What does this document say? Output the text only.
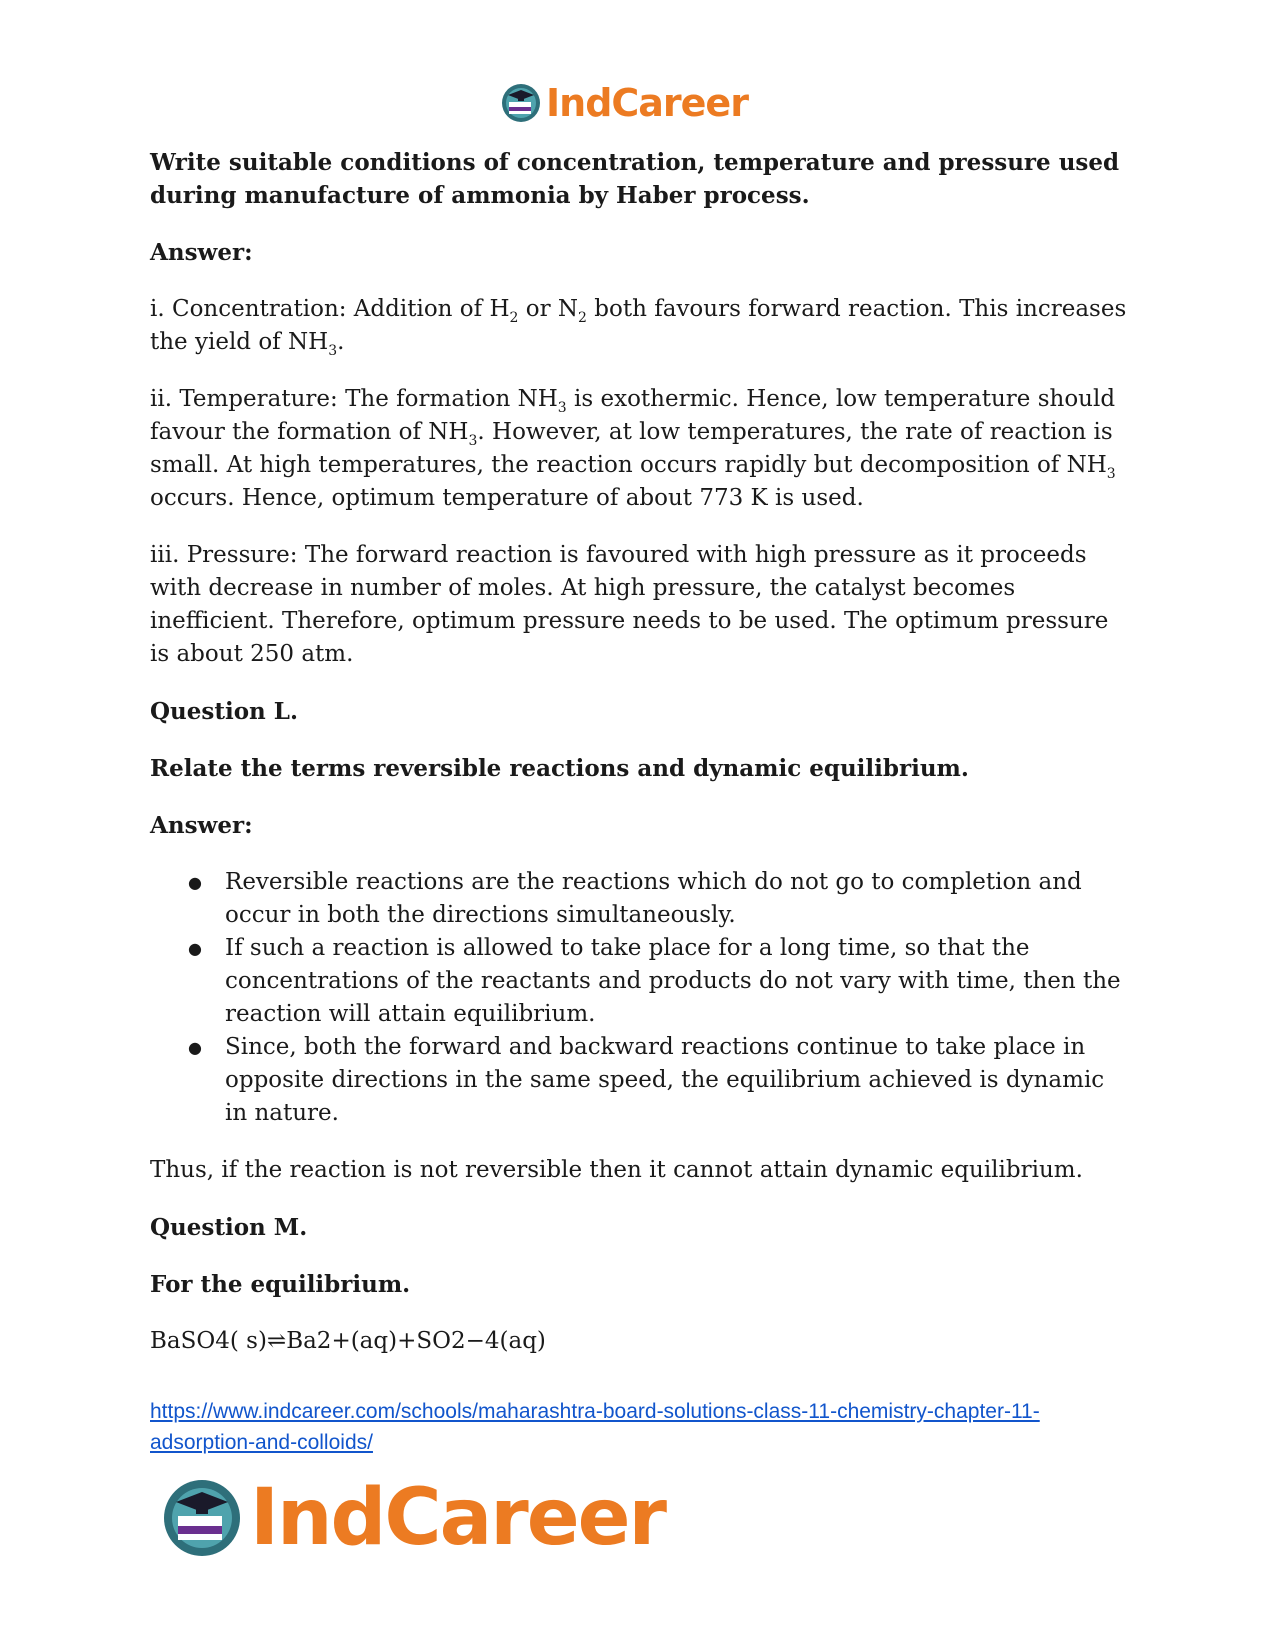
IndCareer

Write suitable conditions of concentration, temperature and pressure used during manufacture of ammonia by Haber process.

Answer:

i. Concentration: Addition of $H_2$ or $N_2$ both favours forward reaction. This increases the yield of $NH_3$.

ii. Temperature: The formation $NH_3$ is exothermic. Hence, low temperature should favour the formation of $NH_3$. However, at low temperatures, the rate of reaction is small. At high temperatures, the reaction occurs rapidly but decomposition of $NH_3$ occurs. Hence, optimum temperature of about 773 K is used.

iii. Pressure: The forward reaction is favoured with high pressure as it proceeds with decrease in number of moles. At high pressure, the catalyst becomes inefficient. Therefore, optimum pressure needs to be used. The optimum pressure is about 250 atm.

Question L.

Relate the terms reversible reactions and dynamic equilibrium.

Answer:

● Reversible reactions are the reactions which do not go to completion and occur in both the directions simultaneously.
● If such a reaction is allowed to take place for a long time, so that the concentrations of the reactants and products do not vary with time, then the reaction will attain equilibrium.
● Since, both the forward and backward reactions continue to take place in opposite directions in the same speed, the equilibrium achieved is dynamic in nature.

Thus, if the reaction is not reversible then it cannot attain dynamic equilibrium.

Question M.

For the equilibrium.

BaSO4( s)⇌Ba2+(aq)+SO2−4(aq)

https://www.indcareer.com/schools/maharashtra-board-solutions-class-11-chemistry-chapter-11-adsorption-and-colloids/
IndCareer
